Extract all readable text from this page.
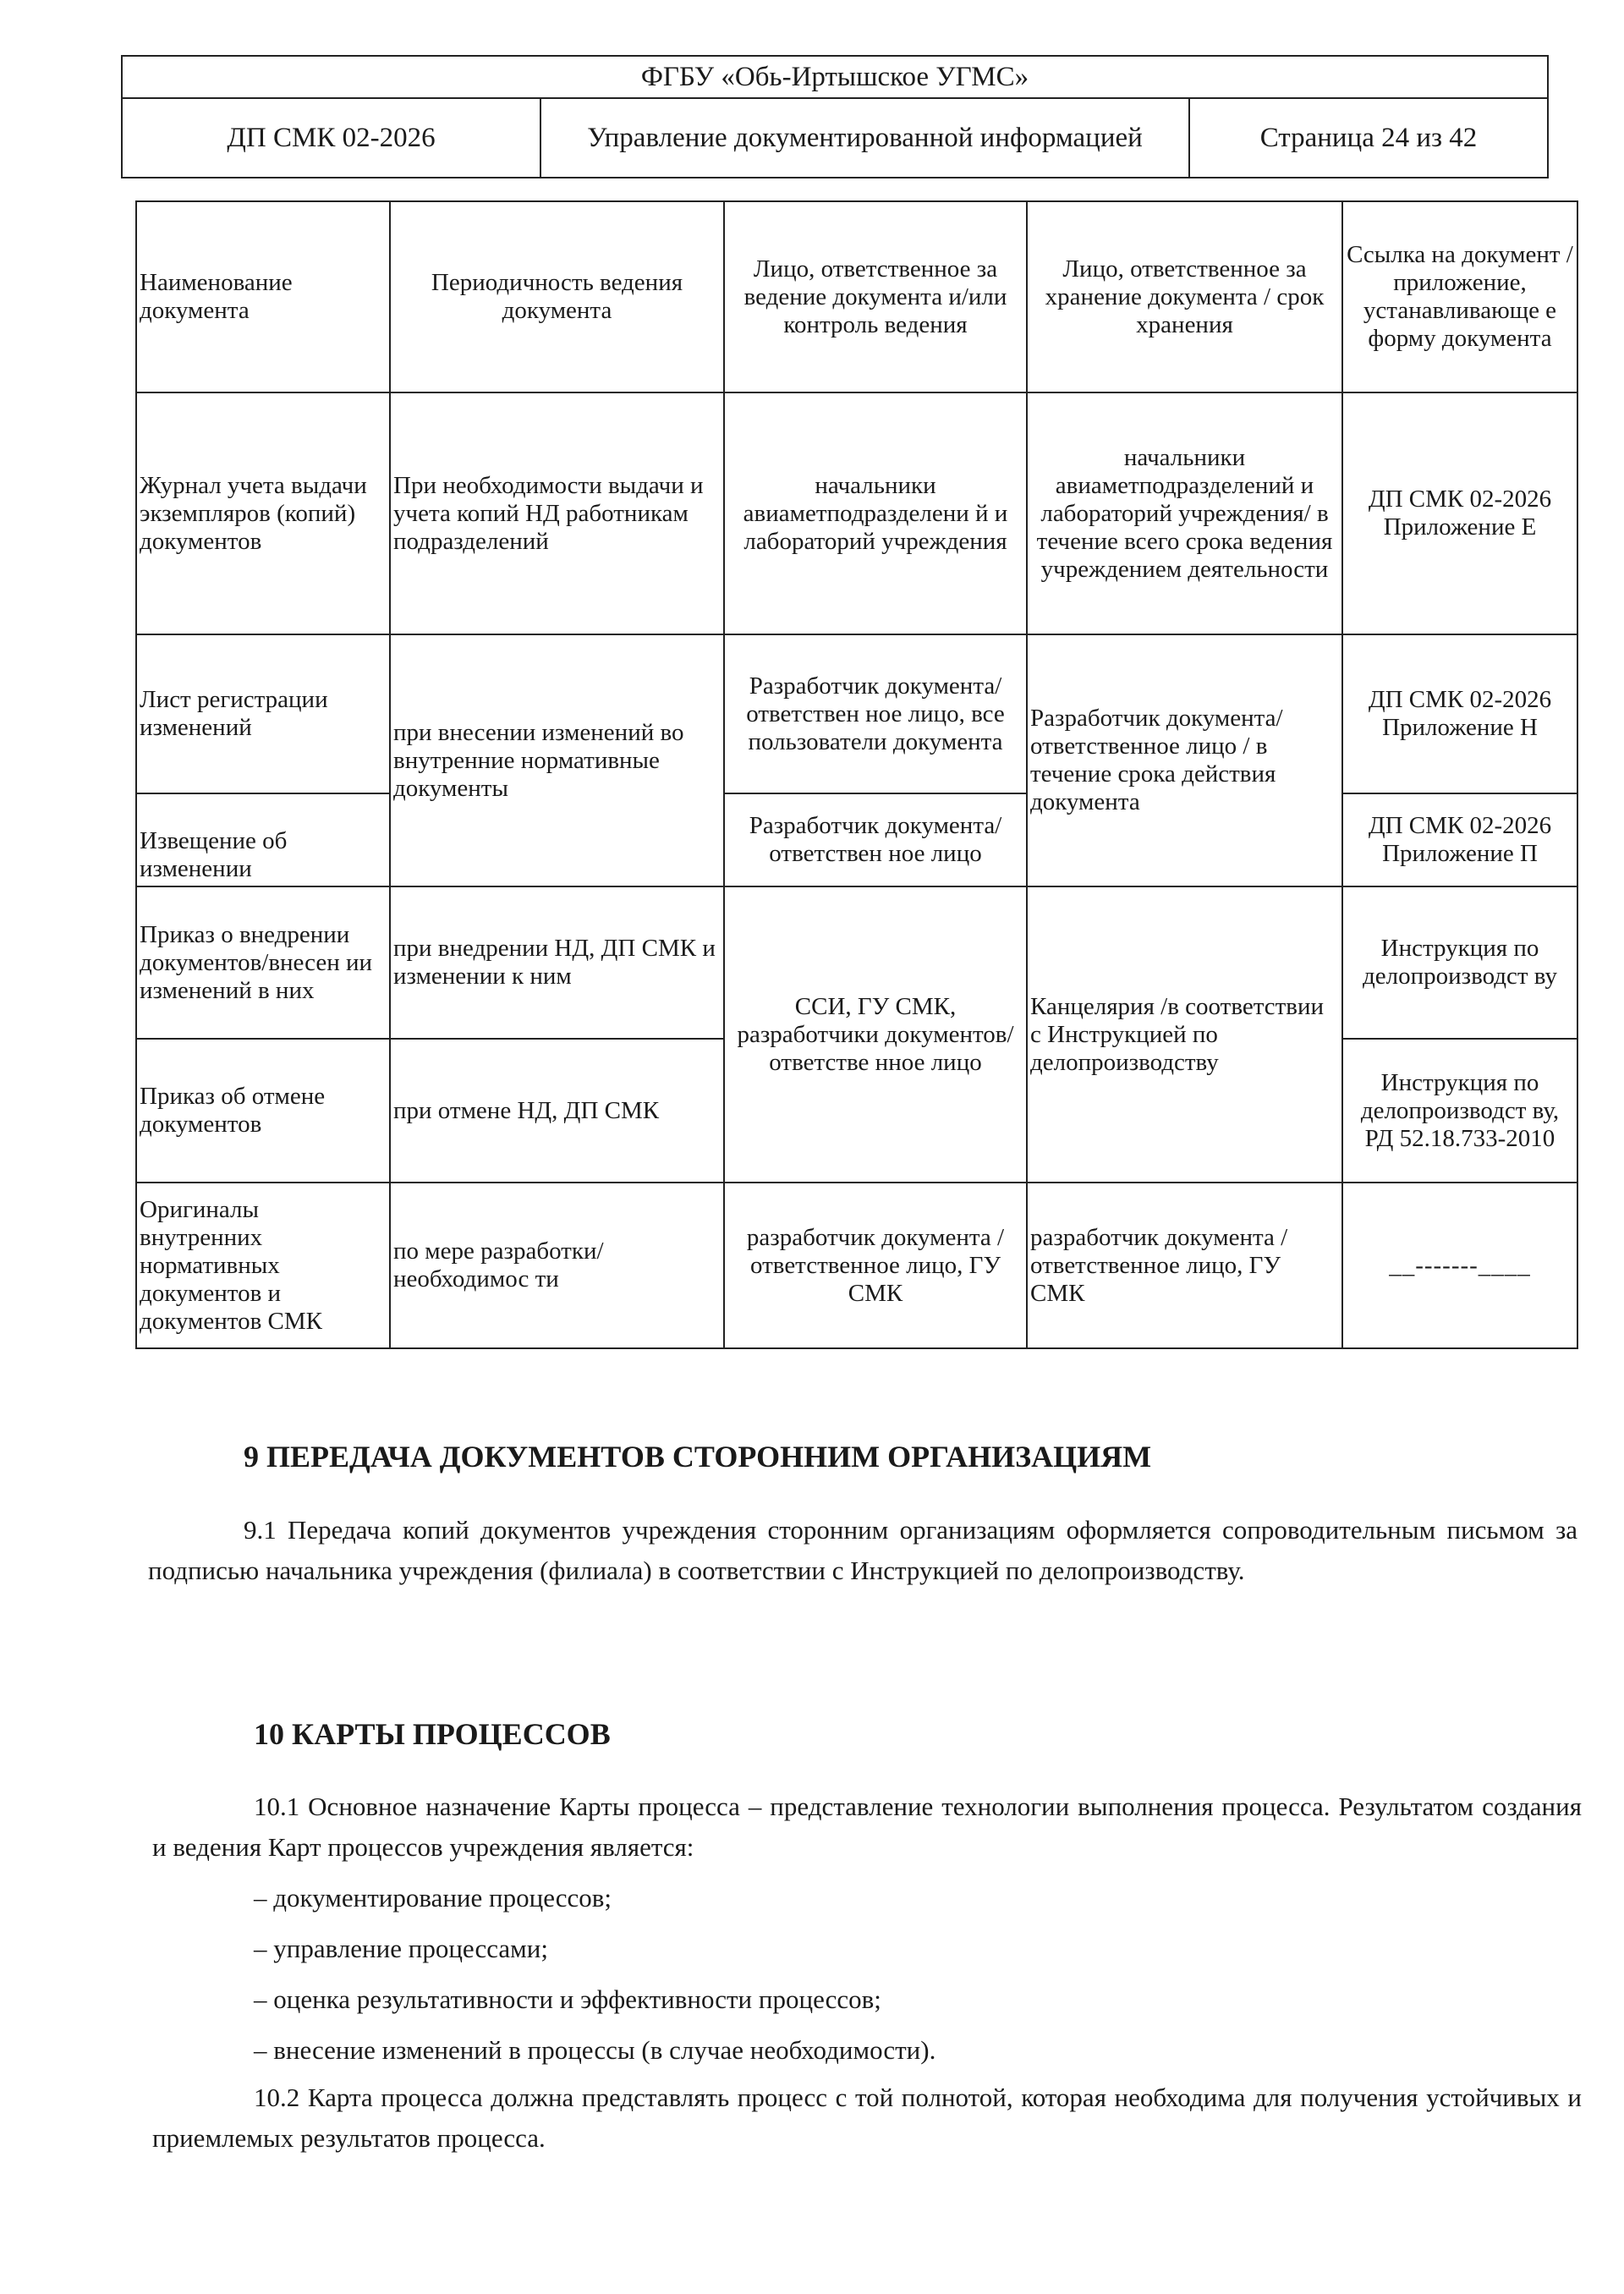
ФГБУ «Обь-Иртышское УГМС»
ДП СМК 02-2026	Управление документированной информацией	Страница 24 из 42
Наименование документа	Периодичность ведения документа	Лицо, ответственное за ведение документа и/или контроль ведения	Лицо, ответственное за хранение документа / срок хранения	Ссылка на документ / приложение, устанавливающе е форму документа
Журнал учета выдачи экземпляров (копий) документов	При необходимости выдачи и учета копий НД работникам подразделений	начальники авиаметподразделени й и лабораторий учреждения	начальники авиаметподразделений и лабораторий учреждения/ в течение всего срока ведения учреждением деятельности	ДП СМК 02-2026 Приложение Е
Лист регистрации изменений	при внесении изменений во внутренние нормативные документы	Разработчик документа/ответствен ное лицо, все пользователи документа	Разработчик документа/ ответственное лицо / в течение срока действия документа	ДП СМК 02-2026 Приложение Н
Извещение об изменении		Разработчик документа/ответствен ное лицо		ДП СМК 02-2026 Приложение П
Приказ о внедрении документов/внесен ии изменений в них	при внедрении НД, ДП СМК и изменении к ним	ССИ, ГУ СМК, разработчики документов/ответстве нное лицо	Канцелярия /в соответствии с Инструкцией по делопроизводству	Инструкция по делопроизводст ву
Приказ об отмене документов	при отмене НД, ДП СМК			Инструкция по делопроизводст ву, РД 52.18.733-2010
Оригиналы внутренних нормативных документов и документов СМК	по мере разработки/необходимос ти	разработчик документа /ответственное лицо, ГУ СМК	разработчик документа /ответственное лицо, ГУ СМК	__-------____
9 ПЕРЕДАЧА ДОКУМЕНТОВ СТОРОННИМ ОРГАНИЗАЦИЯМ
9.1 Передача копий документов учреждения сторонним организациям оформляется сопроводительным письмом за подписью начальника учреждения (филиала) в соответствии с Инструкцией по делопроизводству.
10 КАРТЫ ПРОЦЕССОВ
10.1 Основное назначение Карты процесса – представление технологии выполнения процесса. Результатом создания и ведения Карт процессов учреждения является:
– документирование процессов;
– управление процессами;
– оценка результативности и эффективности процессов;
– внесение изменений в процессы (в случае необходимости).
10.2 Карта процесса должна представлять процесс с той полнотой, которая необходима для получения устойчивых и приемлемых результатов процесса.
